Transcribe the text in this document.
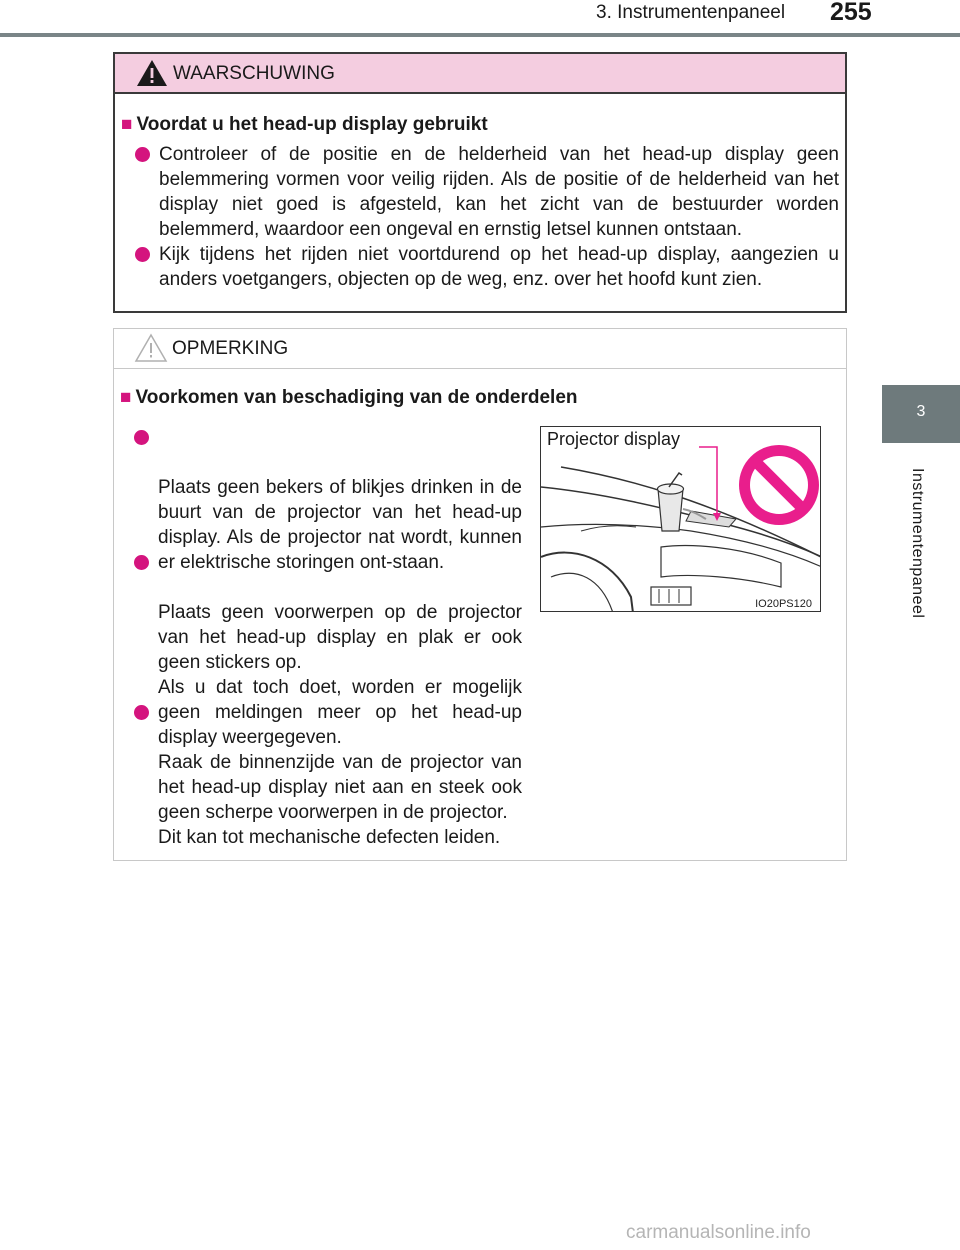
3. Instrumentenpaneel 255
3
Instrumentenpaneel
WAARSCHUWING
■ Voordat u het head-up display gebruikt
Controleer of de positie en de helderheid van het head-up display geen belemmering vormen voor veilig rijden. Als de positie of de helderheid van het display niet goed is afgesteld, kan het zicht van de bestuurder worden belemmerd, waardoor een ongeval en ernstig letsel kunnen ontstaan.
Kijk tijdens het rijden niet voortdurend op het head-up display, aangezien u anders voetgangers, objecten op de weg, enz. over het hoofd kunt zien.
OPMERKING
■ Voorkomen van beschadiging van de onderdelen

Plaats geen bekers of blikjes drinken in de buurt van de projector van het head-up display. Als de projector nat wordt, kunnen er elektrische storingen ont-staan.

Plaats geen voorwerpen op de projector van het head-up display en plak er ook geen stickers op.
Als u dat toch doet, worden er mogelijk geen meldingen meer op het head-up display weergegeven.

Raak de binnenzijde van de projector van het head-up display niet aan en steek ook geen scherpe voorwerpen in de projector.
Dit kan tot mechanische defecten leiden.

Projector display
IO20PS120
carmanualsonline.info
